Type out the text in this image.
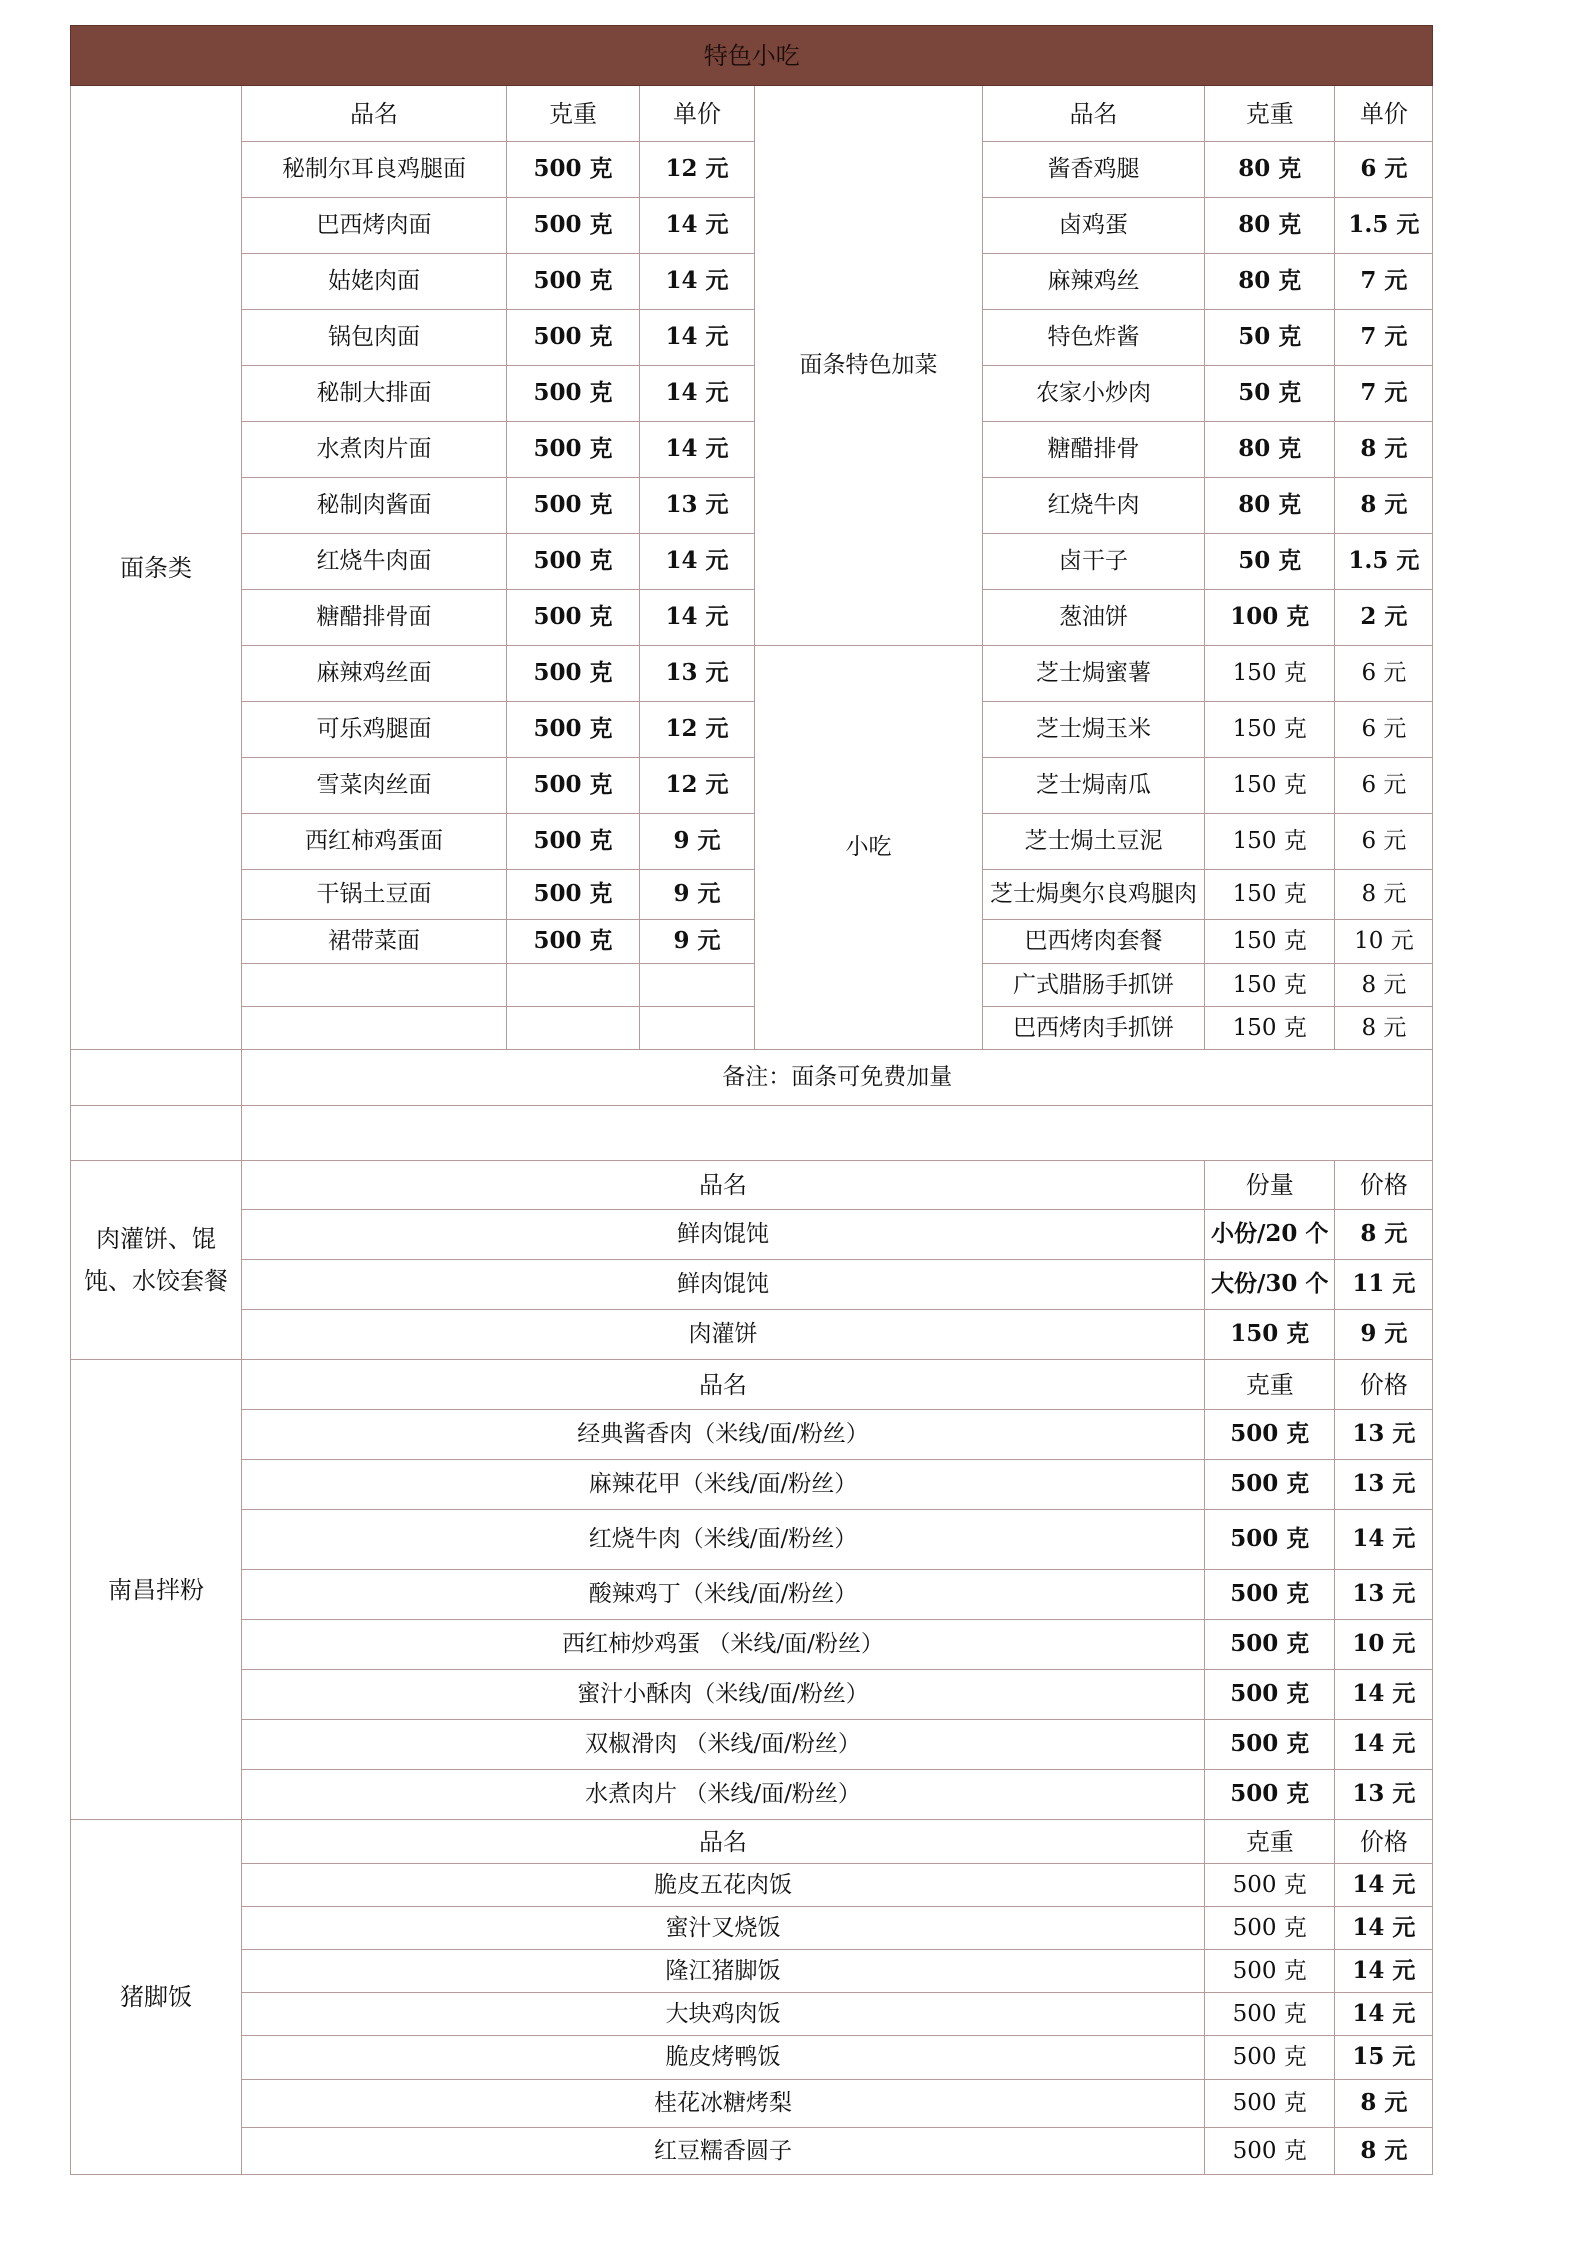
特色小吃							
面条类	品名	克重	单价	面条特色加菜	品名	克重	单价
	秘制尔耳良鸡腿面	500 克	12 元		酱香鸡腿	80 克	6 元
	巴西烤肉面	500 克	14 元		卤鸡蛋	80 克	1.5 元
	姑姥肉面	500 克	14 元		麻辣鸡丝	80 克	7 元
	锅包肉面	500 克	14 元		特色炸酱	50 克	7 元
	秘制大排面	500 克	14 元		农家小炒肉	50 克	7 元
	水煮肉片面	500 克	14 元		糖醋排骨	80 克	8 元
	秘制肉酱面	500 克	13 元		红烧牛肉	80 克	8 元
	红烧牛肉面	500 克	14 元		卤干子	50 克	1.5 元
	糖醋排骨面	500 克	14 元		葱油饼	100 克	2 元
	麻辣鸡丝面	500 克	13 元	小吃	芝士焗蜜薯	150 克	6 元
	可乐鸡腿面	500 克	12 元		芝士焗玉米	150 克	6 元
	雪菜肉丝面	500 克	12 元		芝士焗南瓜	150 克	6 元
	西红柿鸡蛋面	500 克	9 元		芝士焗土豆泥	150 克	6 元
	干锅土豆面	500 克	9 元		芝士焗奥尔良鸡腿肉	150 克	8 元
	裙带菜面	500 克	9 元		巴西烤肉套餐	150 克	10 元
					广式腊肠手抓饼	150 克	8 元
					巴西烤肉手抓饼	150 克	8 元
	备注：面条可免费加量						

肉灌饼、馄饨、水饺套餐	品名					份量	价格
	鲜肉馄饨					小份/20 个	8 元
	鲜肉馄饨					大份/30 个	11 元
	肉灌饼					150 克	9 元
南昌拌粉	品名					克重	价格
	经典酱香肉（米线/面/粉丝）					500 克	13 元
	麻辣花甲（米线/面/粉丝）					500 克	13 元
	红烧牛肉（米线/面/粉丝）					500 克	14 元
	酸辣鸡丁（米线/面/粉丝）					500 克	13 元
	西红柿炒鸡蛋 （米线/面/粉丝）					500 克	10 元
	蜜汁小酥肉（米线/面/粉丝）					500 克	14 元
	双椒滑肉 （米线/面/粉丝）					500 克	14 元
	水煮肉片 （米线/面/粉丝）					500 克	13 元
猪脚饭	品名					克重	价格
	脆皮五花肉饭					500 克	14 元
	蜜汁叉烧饭					500 克	14 元
	隆江猪脚饭					500 克	14 元
	大块鸡肉饭					500 克	14 元
	脆皮烤鸭饭					500 克	15 元
	桂花冰糖烤梨					500 克	8 元
	红豆糯香圆子					500 克	8 元
